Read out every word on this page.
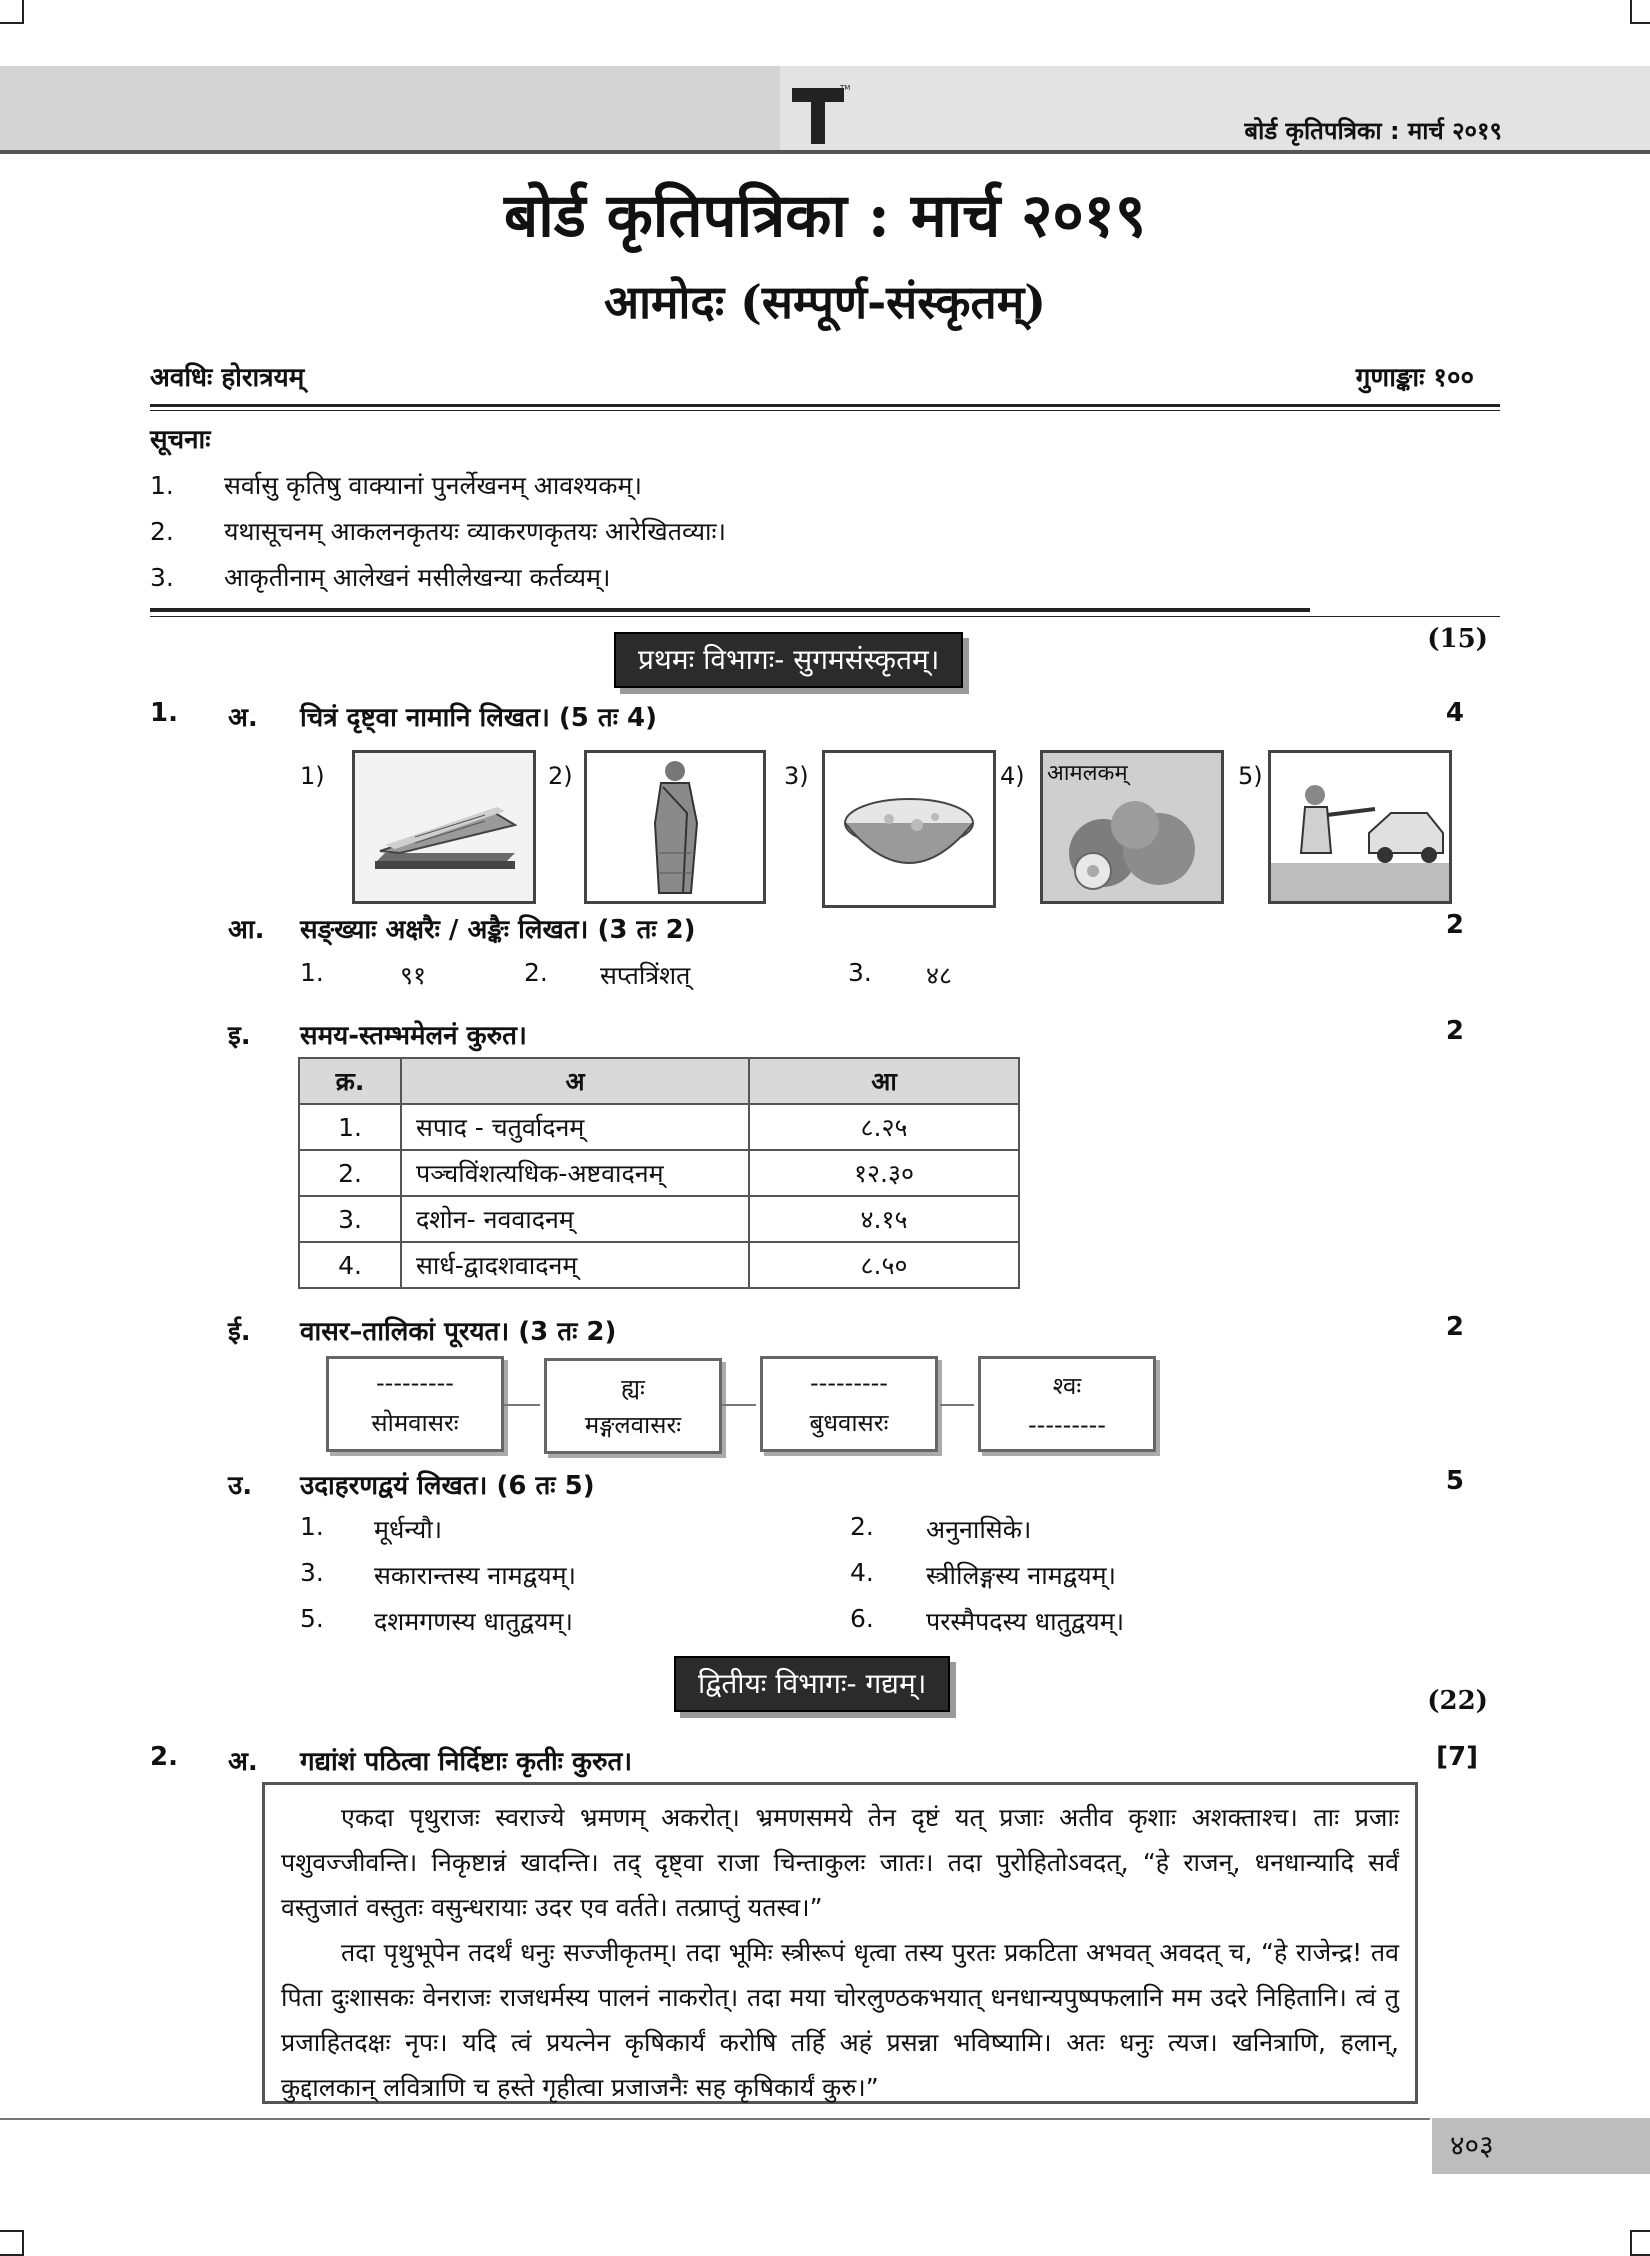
TM
बोर्ड कृतिपत्रिका : मार्च २०१९
बोर्ड कृतिपत्रिका : मार्च २०१९
आमोदः (सम्पूर्ण-संस्कृतम्)
अवधिः होरात्रयम्	गुणाङ्काः १००
सूचनाः
1. सर्वासु कृतिषु वाक्यानां पुनर्लेखनम् आवश्यकम्।
2. यथासूचनम् आकलनकृतयः व्याकरणकृतयः आरेखितव्याः।
3. आकृतीनाम् आलेखनं मसीलेखन्या कर्तव्यम्।
प्रथमः विभागः- सुगमसंस्कृतम्।
(15)
1. अ. चित्रं दृष्ट्वा नामानि लिखत। (5 तः 4)	4
1)	2)	3)	4) आमलकम्	5)
आ. सङ्ख्याः अक्षरैः / अङ्कैः लिखत। (3 तः 2)	2
1.	९१	2. सप्तत्रिंशत्	3. ४८
इ. समय-स्तम्भमेलनं कुरुत।	2
क्र.	अ	आ
1.	सपाद - चतुर्वादनम्	८.२५
2.	पञ्चविंशत्यधिक-अष्टवादनम्	१२.३०
3.	दशोन- नववादनम्	४.१५
4.	सार्ध-द्वादशवादनम्	८.५०
ई. वासर–तालिकां पूरयत। (3 तः 2)	2
---------
सोमवासरः
ह्यः
मङ्गलवासरः
---------
बुधवासरः
श्वः
---------
उ. उदाहरणद्वयं लिखत। (6 तः 5)	5
1. मूर्धन्यौ।	2. अनुनासिके।
3. सकारान्तस्य नामद्वयम्।	4. स्त्रीलिङ्गस्य नामद्वयम्।
5. दशमगणस्य धातुद्वयम्।	6. परस्मैपदस्य धातुद्वयम्।
द्वितीयः विभागः- गद्यम्।
(22)
2. अ. गद्यांशं पठित्वा निर्दिष्टाः कृतीः कुरुत।	[7]

एकदा पृथुराजः स्वराज्ये भ्रमणम् अकरोत्। भ्रमणसमये तेन दृष्टं यत् प्रजाः अतीव कृशाः अशक्ताश्च। ताः प्रजाः पशुवज्जीवन्ति। निकृष्टान्नं खादन्ति। तद् दृष्ट्वा राजा चिन्ताकुलः जातः। तदा पुरोहितोऽवदत्, “हे राजन्, धनधान्यादि सर्वं वस्तुजातं वस्तुतः वसुन्धरायाः उदर एव वर्तते। तत्प्राप्तुं यतस्व।”

तदा पृथुभूपेन तदर्थं धनुः सज्जीकृतम्। तदा भूमिः स्त्रीरूपं धृत्वा तस्य पुरतः प्रकटिता अभवत् अवदत् च, “हे राजेन्द्र! तव पिता दुःशासकः वेनराजः राजधर्मस्य पालनं नाकरोत्। तदा मया चोरलुण्ठकभयात् धनधान्यपुष्पफलानि मम उदरे निहितानि। त्वं तु प्रजाहितदक्षः नृपः। यदि त्वं प्रयत्नेन कृषिकार्यं करोषि तर्हि अहं प्रसन्ना भविष्यामि। अतः धनुः त्यज। खनित्राणि, हलान्, कुद्दालकान् लवित्राणि च हस्ते गृहीत्वा प्रजाजनैः सह कृषिकार्यं कुरु।”

४०३
